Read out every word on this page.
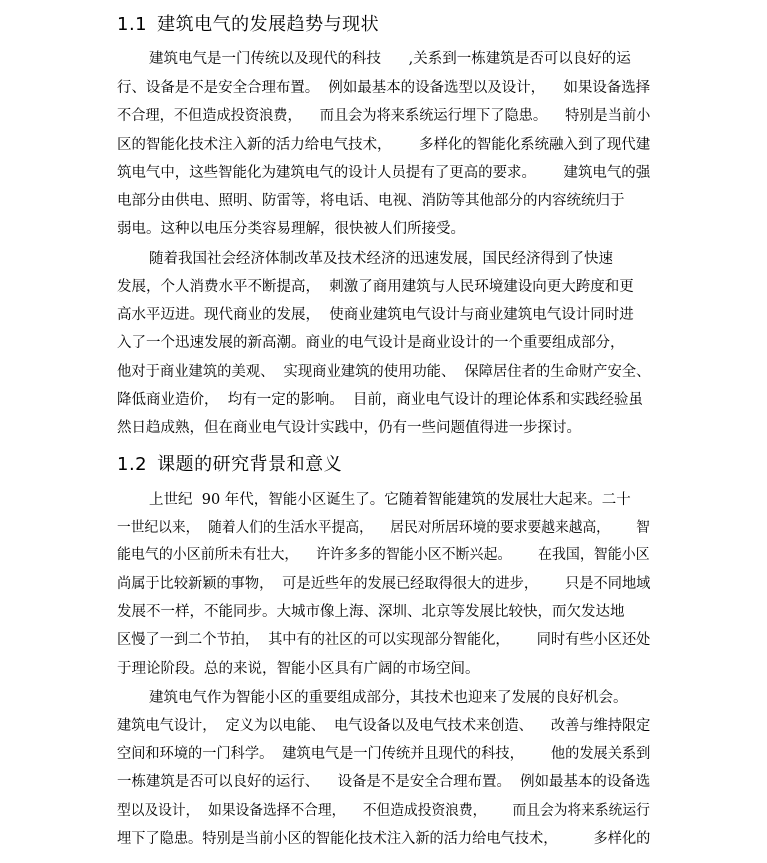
1.1 建筑电气的发展趋势与现状
建筑电气是一门传统以及现代的科技      ,关系到一栋建筑是否可以良好的运
行、设备是不是安全合理布置。  例如最基本的设备选型以及设计，    如果设备选择
不合理，不但造成投资浪费，    而且会为将来系统运行埋下了隐患。    特别是当前小
区的智能化技术注入新的活力给电气技术，      多样化的智能化系统融入到了现代建
筑电气中，这些智能化为建筑电气的设计人员提有了更高的要求。      建筑电气的强
电部分由供电、照明、防雷等，将电话、电视、消防等其他部分的内容统统归于
弱电。这种以电压分类容易理解，很快被人们所接受。
随着我国社会经济体制改革及技术经济的迅速发展，国民经济得到了快速
发展，个人消费水平不断提高，  刺激了商用建筑与人民环境建设向更大跨度和更
高水平迈进。现代商业的发展，  使商业建筑电气设计与商业建筑电气设计同时进
入了一个迅速发展的新高潮。商业的电气设计是商业设计的一个重要组成部分，
他对于商业建筑的美观、  实现商业建筑的使用功能、  保障居住者的生命财产安全、
降低商业造价，  均有一定的影响。  目前，商业电气设计的理论体系和实践经验虽
然日趋成熟，但在商业电气设计实践中，仍有一些问题值得进一步探讨。
1.2 课题的研究背景和意义
上世纪  90 年代，智能小区诞生了。它随着智能建筑的发展壮大起来。二十
一世纪以来，  随着人们的生活水平提高，    居民对所居环境的要求要越来越高，      智
能电气的小区前所未有壮大，    许许多多的智能小区不断兴起。      在我国，智能小区
尚属于比较新颖的事物，  可是近些年的发展已经取得很大的进步，      只是不同地域
发展不一样，不能同步。大城市像上海、深圳、北京等发展比较快，而欠发达地
区慢了一到二个节拍，  其中有的社区的可以实现部分智能化，      同时有些小区还处
于理论阶段。总的来说，智能小区具有广阔的市场空间。
建筑电气作为智能小区的重要组成部分，其技术也迎来了发展的良好机会。
建筑电气设计，  定义为以电能、  电气设备以及电气技术来创造、    改善与维持限定
空间和环境的一门科学。  建筑电气是一门传统并且现代的科技，      他的发展关系到
一栋建筑是否可以良好的运行、    设备是不是安全合理布置。  例如最基本的设备选
型以及设计，  如果设备选择不合理，    不但造成投资浪费，      而且会为将来系统运行
埋下了隐患。特别是当前小区的智能化技术注入新的活力给电气技术，        多样化的
